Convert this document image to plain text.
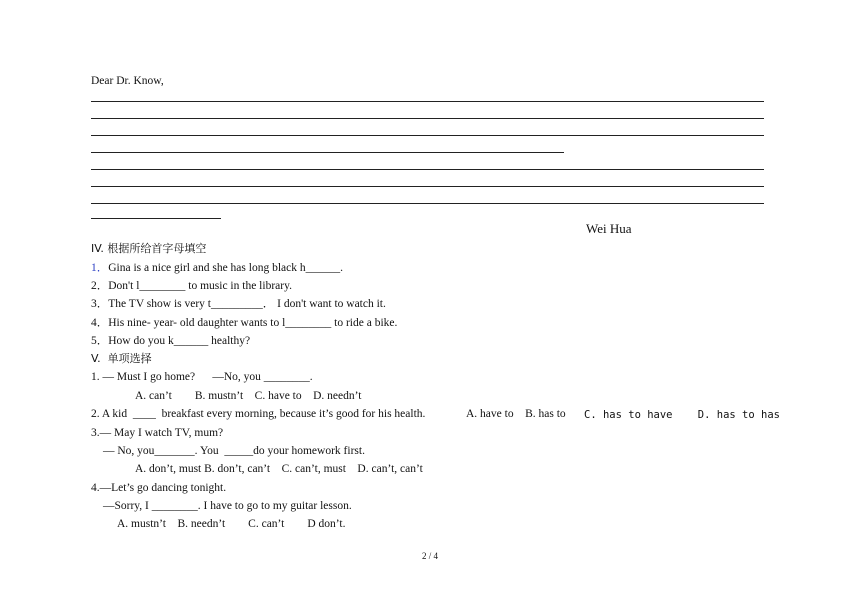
Dear Dr. Know,
Wei Hua
IV. 根据所给首字母填空
1．Gina is a nice girl and she has long black h______.
2．Don't l________ to music in the library.
3．The TV show is very t_________． I don't want to watch it.
4．His nine- year- old daughter wants to l________ to ride a bike.
5．How do you k______ healthy?
V.  单项选择
1. — Must I go home?      —No, you ________.
A. can’t        B. mustn’t    C. have to    D. needn’t
2. A kid  ____  breakfast every morning, because it’s good for his health.	A. have to    B. has to C. has to have    D. has to has
3.— May I watch TV, mum?
— No, you_______. You  _____do your homework first.
A. don’t, must B. don’t, can’t    C. can’t, must    D. can’t, can’t
4.—Let’s go dancing tonight.
—Sorry, I ________. I have to go to my guitar lesson.
A. mustn’t    B. needn’t        C. can’t        D don’t.
2 / 4
